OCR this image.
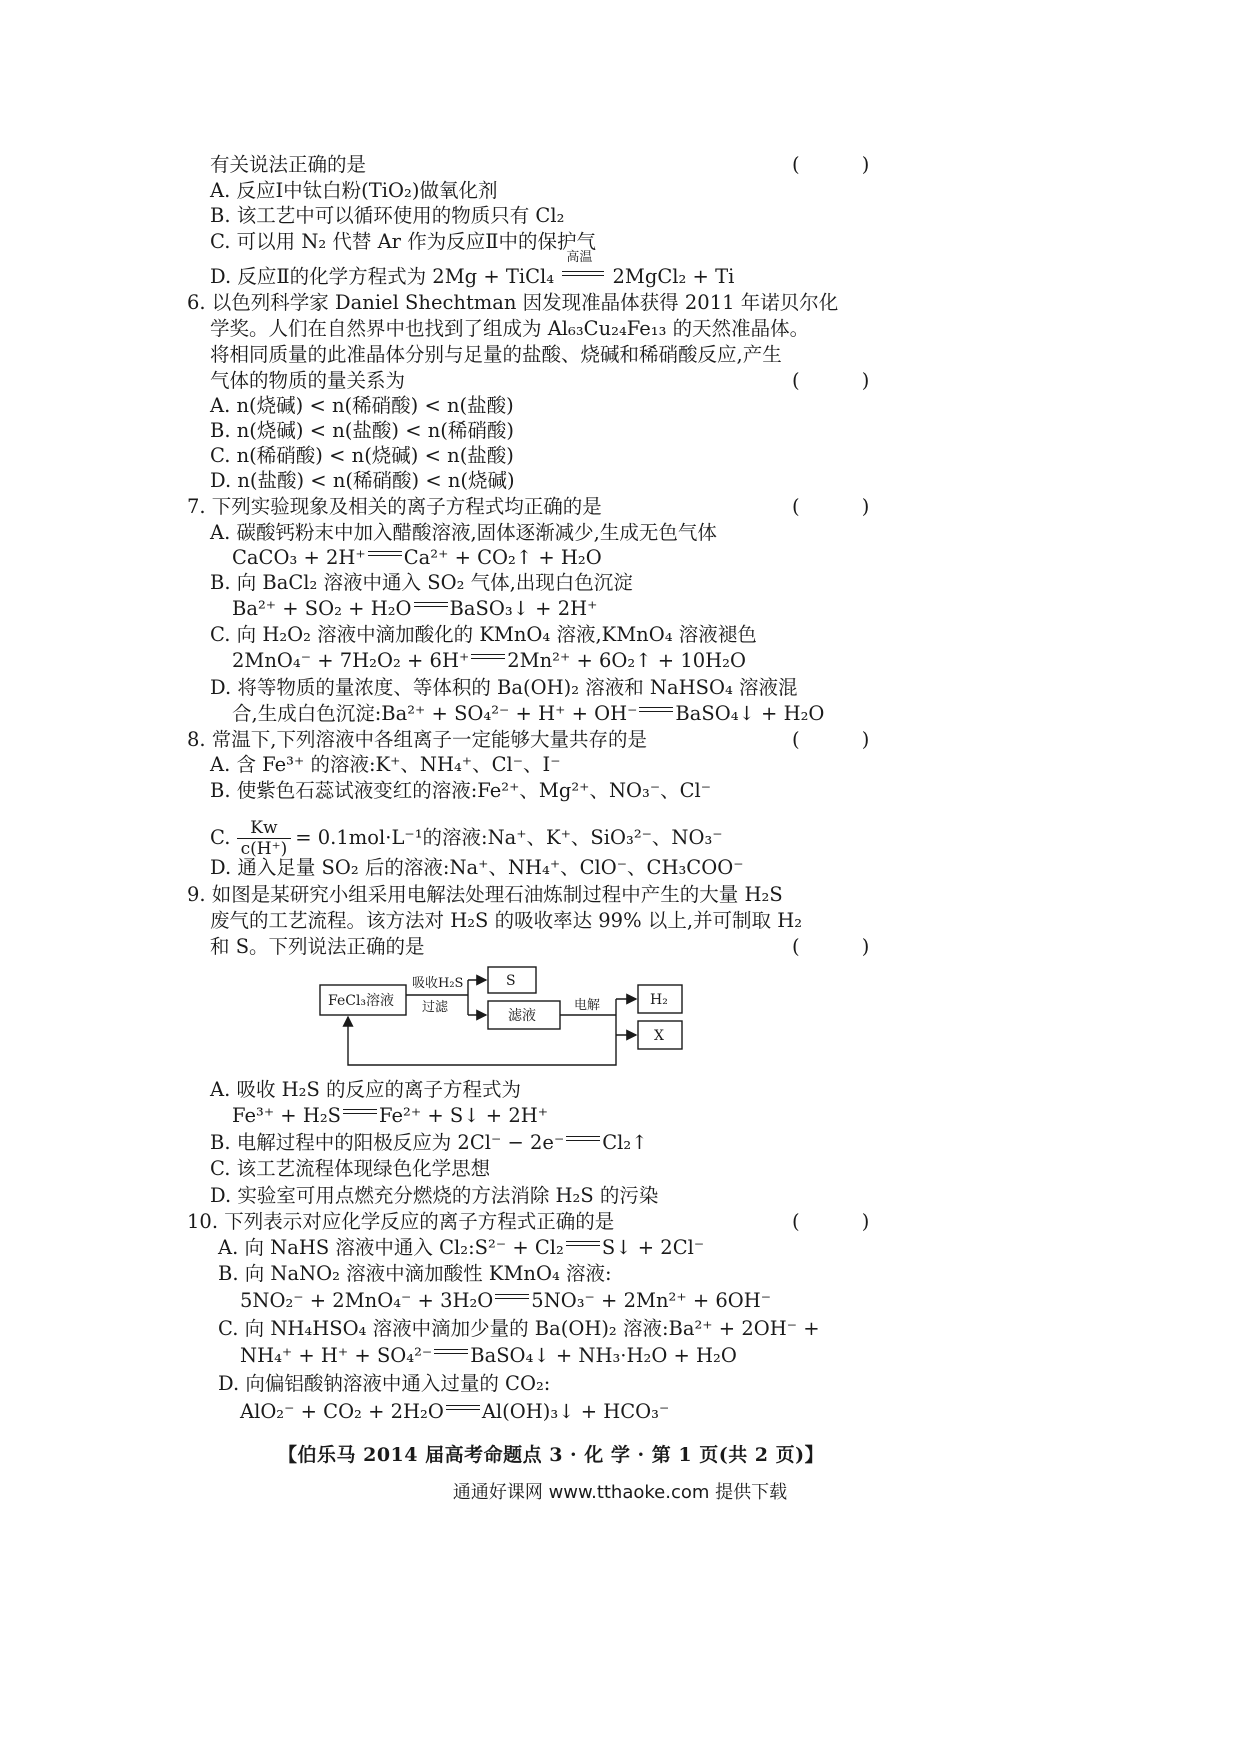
有关说法正确的是	( )
A. 反应Ⅰ中钛白粉(TiO₂)做氧化剂
B. 该工艺中可以循环使用的物质只有 Cl₂
C. 可以用 N₂ 代替 Ar 作为反应Ⅱ中的保护气
D. 反应Ⅱ的化学方程式为 2Mg + TiCl₄
高温
2MgCl₂ + Ti
6. 以色列科学家 Daniel Shechtman 因发现准晶体获得 2011 年诺贝尔化
学奖。人们在自然界中也找到了组成为 Al₆₃Cu₂₄Fe₁₃ 的天然准晶体。
将相同质量的此准晶体分别与足量的盐酸、烧碱和稀硝酸反应,产生
气体的物质的量关系为	( )
A. n(烧碱) < n(稀硝酸) < n(盐酸)
B. n(烧碱) < n(盐酸) < n(稀硝酸)
C. n(稀硝酸) < n(烧碱) < n(盐酸)
D. n(盐酸) < n(稀硝酸) < n(烧碱)
7. 下列实验现象及相关的离子方程式均正确的是	( )
A. 碳酸钙粉末中加入醋酸溶液,固体逐渐减少,生成无色气体
CaCO₃ + 2H⁺ Ca²⁺ + CO₂↑ + H₂O
B. 向 BaCl₂ 溶液中通入 SO₂ 气体,出现白色沉淀
Ba²⁺ + SO₂ + H₂O BaSO₃↓ + 2H⁺
C. 向 H₂O₂ 溶液中滴加酸化的 KMnO₄ 溶液,KMnO₄ 溶液褪色
2MnO₄⁻ + 7H₂O₂ + 6H⁺ 2Mn²⁺ + 6O₂↑ + 10H₂O
D. 将等物质的量浓度、等体积的 Ba(OH)₂ 溶液和 NaHSO₄ 溶液混
合,生成白色沉淀:Ba²⁺ + SO₄²⁻ + H⁺ + OH⁻ BaSO₄↓ + H₂O
8. 常温下,下列溶液中各组离子一定能够大量共存的是	( )
A. 含 Fe³⁺ 的溶液:K⁺、NH₄⁺、Cl⁻、I⁻
B. 使紫色石蕊试液变红的溶液:Fe²⁺、Mg²⁺、NO₃⁻、Cl⁻
C. $\frac{Kw}{c(H^+)} = 0.1mol\cdot L^{-1}$的溶液:Na⁺、K⁺、SiO₃²⁻、NO₃⁻
D. 通入足量 SO₂ 后的溶液:Na⁺、NH₄⁺、ClO⁻、CH₃COO⁻
9. 如图是某研究小组采用电解法处理石油炼制过程中产生的大量 H₂S
废气的工艺流程。该方法对 H₂S 的吸收率达 99% 以上,并可制取 H₂
和 S。下列说法正确的是	( )
FeCl₃溶液
吸收H₂S
过滤
S
滤液
电解	H₂
X
A. 吸收 H₂S 的反应的离子方程式为
Fe³⁺ + H₂S Fe²⁺ + S↓ + 2H⁺
B. 电解过程中的阳极反应为 2Cl⁻ − 2e⁻ Cl₂↑
C. 该工艺流程体现绿色化学思想
D. 实验室可用点燃充分燃烧的方法消除 H₂S 的污染
10. 下列表示对应化学反应的离子方程式正确的是	( )
A. 向 NaHS 溶液中通入 Cl₂:S²⁻ + Cl₂ S↓ + 2Cl⁻
B. 向 NaNO₂ 溶液中滴加酸性 KMnO₄ 溶液:
5NO₂⁻ + 2MnO₄⁻ + 3H₂O 5NO₃⁻ + 2Mn²⁺ + 6OH⁻
C. 向 NH₄HSO₄ 溶液中滴加少量的 Ba(OH)₂ 溶液:Ba²⁺ + 2OH⁻ +
NH₄⁺ + H⁺ + SO₄²⁻ BaSO₄↓ + NH₃·H₂O + H₂O
D. 向偏铝酸钠溶液中通入过量的 CO₂:
AlO₂⁻ + CO₂ + 2H₂O Al(OH)₃↓ + HCO₃⁻
【伯乐马 2014 届高考命题点 3 · 化 学 · 第 1 页(共 2 页)】
通通好课网 www.tthaoke.com 提供下载
